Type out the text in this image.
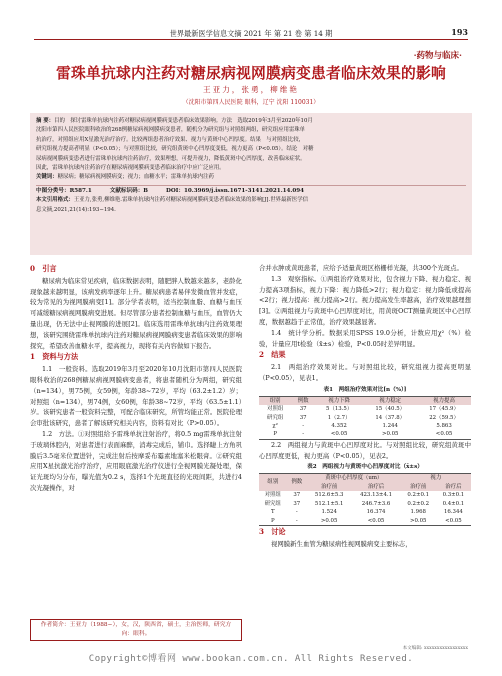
世界最新医学信息文摘 2021 年 第 21 卷 第 14 期	193
·药物与临床·
雷珠单抗球内注药对糖尿病视网膜病变患者临床效果的影响
王亚力，张勇，柳维艳
（沈阳市第四人民医院 眼科，辽宁 沈阳 110031）
摘 要：目的　探讨雷珠单抗球内注药对糖尿病视网膜病变患者临床效果影响。方法　选取2019年3月至2020年10月
沈阳市第四人民医院眼科收治的268例糖尿病视网膜病变患者，随机分为研究组与对照组两组，研究组应用雷珠单
抗治疗，对照组应用X星激光治疗治疗。比较两组患者治疗效果、视力与黄斑中心凹厚度。结果　与对照组比较，
研究组视力提高者明显（P<0.05）；与对照组比较，研究组黄斑中心凹厚度变低，视力更高（P<0.05）。结论　对糖
尿病视网膜病变患者进行雷珠单抗球内注药治疗，效果理想，可提升视力，降低黄斑中心凹厚度，改善临床症状。
因此，雷珠单抗球内注药治疗在糖尿病视网膜病变患者临床治疗中应广泛应用。
关键词：糖尿病；糖尿病视网膜病变；视力；血糖水平；雷珠单抗球内注药
中图分类号：R587.1	文献标识码：B	DOI：10.3969/j.issn.1671-3141.2021.14.094
本文引用格式：王亚力,张勇,柳维艳.雷珠单抗球内注药对糖尿病视网膜病变患者临床效果的影响[J].世界最新医学信
息文摘,2021,21(14):193−194.
0　引言

糖尿病为临床常见疾病，临床数据表明，随肥胖人数越来越多，老龄化现象越来越明显，该病发病率逐年上升。糖尿病患者易伴发微血管并发症，较为常见的为视网膜病变[1]。部分学者表明，适当控制血脂、血糖与血压可减缓糖尿病视网膜病变进展。但尽管部分患者控制血糖与血压，血管仍大量出现，仍无法中止视网膜的进展[2]。临床选用雷珠单抗球内注药效果理想，该研究围绕雷珠单抗球内注药对糖尿病视网膜病变患者临床效果的影响探究，希望改善血糖水平，提高视力，现将有关内容做如下报告。

1　资料与方法

1.1　一般资料。选取2019年3月至2020年10月沈阳市第四人民医院眼科收治的268例糖尿病视网膜病变患者，将患者随机分为两组，研究组（n=134），男75例，女59例，年龄38~72岁，平均（63.2±1.2）岁；对照组（n=134），男74例，女60例，年龄38~72岁，平均（63.5±1.1）岁。该研究患者一般资料完整，可配合临床研究，所管均能正常。医院伦理会审批该研究，患者了解该研究相关内容，资料有对比（P>0.05）。

1.2　方法。①对照组给予雷珠单抗注射治疗，将0.5 mg雷珠单抗注射于玻璃体腔内，对患者进行表面麻醉，消毒完成后，铺巾。选择睫上方角巩膜后3.5毫米位置进针，完成注射后按摩妥布霉素地塞米松眼膏。②研究组应用X星抗激光治疗治疗，应用眼底激光治疗仪进行全视网膜光凝处理，保证光斑均匀分布，曝光值为0.2 s，选择1个光斑直径的光斑间距，共进行4次光凝操作，对

作者简介：王亚力（1988−），女，汉，陕西省，硕士，主治医师，研究方向：眼科。

合并水肿或黄斑患者，应给予适量黄斑区格栅样光凝，共300个光斑点。

1.3　观察指标。①两组治疗效果对比，包含视力下降、视力稳定、视力提高3项指标，视力下降：视力降低>2行；视力稳定：视力降低或提高<2行；视力提高：视力提高>2行。视力提高发生率越高，治疗效果越理想[3]。②两组视力与黄斑中心凹厚度对比，用黄斑OCT测量黄斑区中心凹厚度，数据越趋于正常值，治疗效果越显著。

1.4　统计学分析。数据采用SPSS 19.0分析，计数应用χ²（%）检验，计量应用t检验（x̄±s）检验，P<0.05时差异明显。

2　结果

2.1　两组治疗效果对比。与对照组比较，研究组视力提高更明显（P<0.05），见表1。

表1　两组治疗效果对比[n（%）]
组别	例数	视力下降	视力稳定	视力提高
对照组	37	5（13.5）	15（40.5）	17（45.9）
研究组	37	1（2.7）	14（37.8）	22（59.5）
χ²	-	4.352	1.244	5.863
P	-	<0.05	>0.05	<0.05

2.2　两组视力与黄斑中心凹厚度对比。与对照组比较，研究组黄斑中心凹厚度更低，视力更高（P<0.05），见表2。

表2　两组视力与黄斑中心凹厚度对比（x̄±s）
组别	例数	黄斑中心凹厚度（um）		视力	
		治疗前	治疗后	治疗前	治疗后
对照组	37	512.6±5.3	423.13±4.1	0.2±0.1	0.3±0.1
研究组	37	512.1±5.1	246.7±3.6	0.2±0.2	0.4±0.1
T	-	1.524	16.374	1.968	16.344
P	-	>0.05	<0.05	>0.05	<0.05
3　讨论

视网膜新生血管为糖尿病性视网膜病变主要标志，

本文编辑: xxxxxxxxxxxxxxxxx
Copyright©博看网 www.bookan.com.cn. All Rights Reserved.
